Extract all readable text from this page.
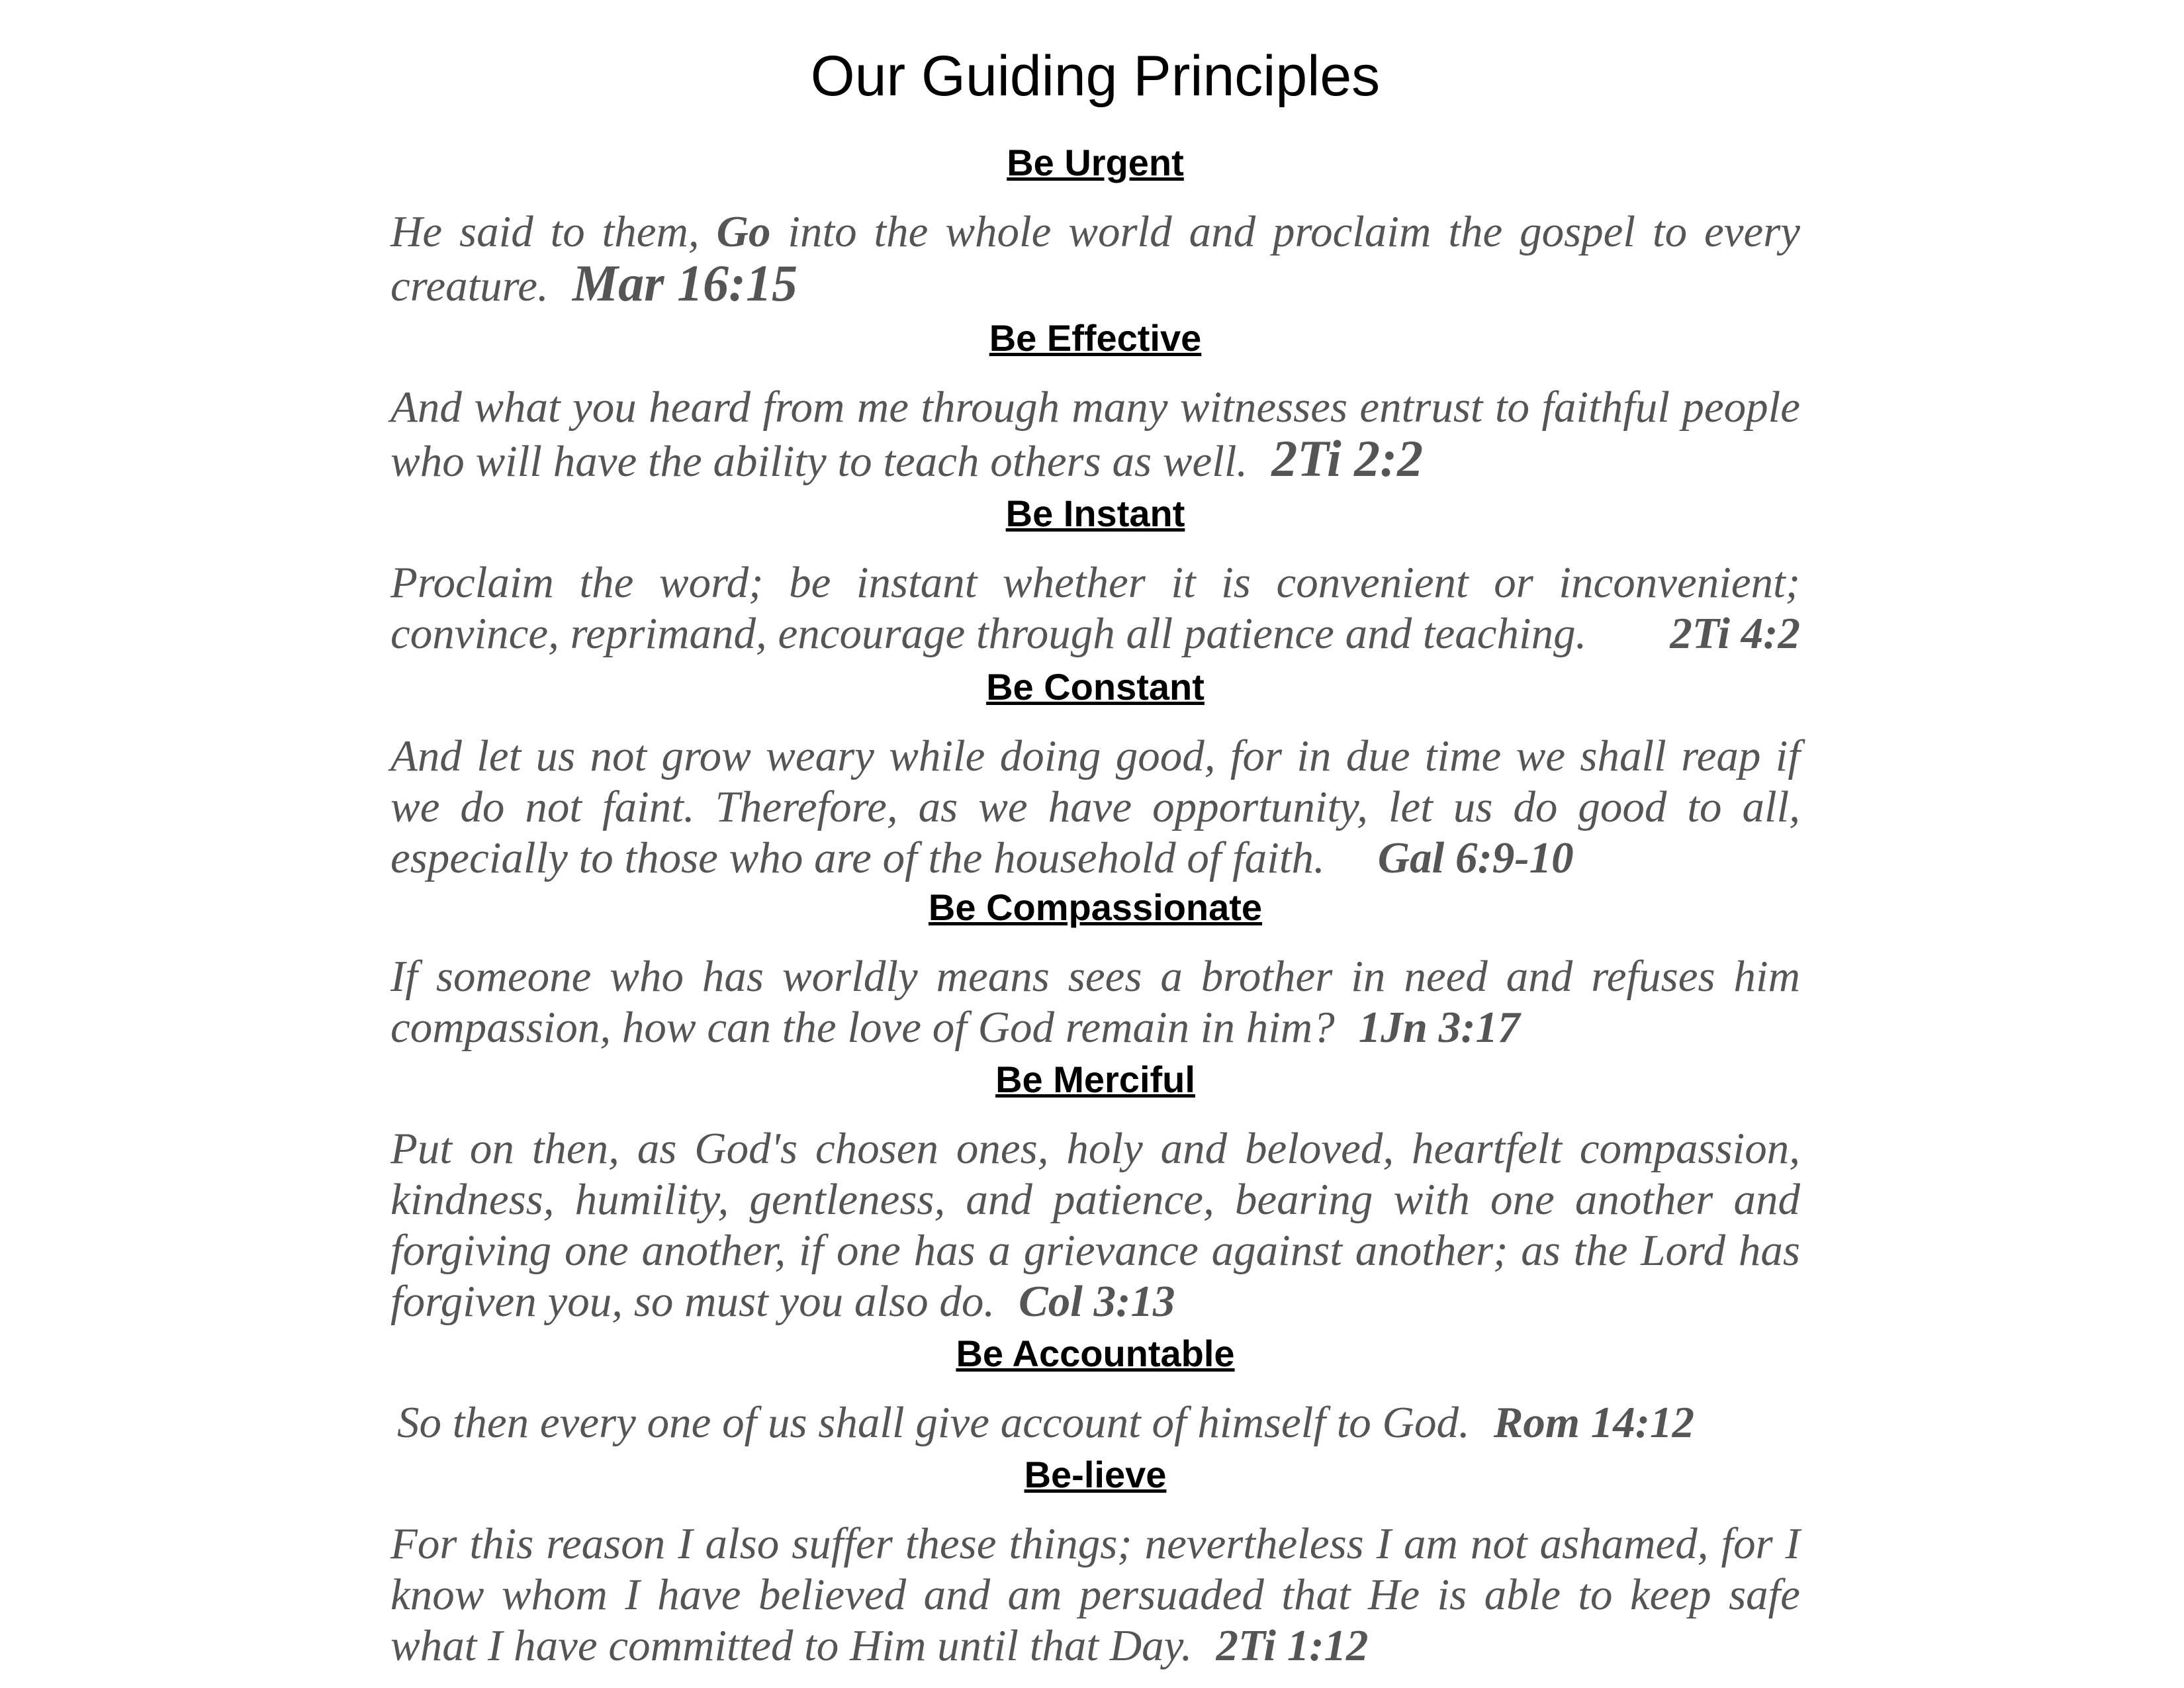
Our Guiding Principles

Be Urgent

He said to them, Go into the whole world and proclaim the gospel to every creature. Mar 16:15

Be Effective

And what you heard from me through many witnesses entrust to faithful people who will have the ability to teach others as well. 2Ti 2:2

Be Instant

Proclaim the word; be instant whether it is convenient or inconvenient; convince, reprimand, encourage through all patience and teaching. 2Ti 4:2

Be Constant

And let us not grow weary while doing good, for in due time we shall reap if we do not faint. Therefore, as we have opportunity, let us do good to all, especially to those who are of the household of faith. Gal 6:9-10

Be Compassionate

If someone who has worldly means sees a brother in need and refuses him compassion, how can the love of God remain in him? 1Jn 3:17

Be Merciful

Put on then, as God's chosen ones, holy and beloved, heartfelt compassion, kindness, humility, gentleness, and patience, bearing with one another and forgiving one another, if one has a grievance against another; as the Lord has forgiven you, so must you also do. Col 3:13

Be Accountable

So then every one of us shall give account of himself to God. Rom 14:12

Be-lieve

For this reason I also suffer these things; nevertheless I am not ashamed, for I know whom I have believed and am persuaded that He is able to keep safe what I have committed to Him until that Day. 2Ti 1:12
